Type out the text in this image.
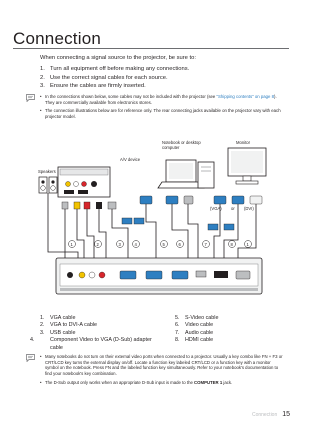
Connection

When connecting a signal source to the projector, be sure to:

1. Turn all equipment off before making any connections.
2. Use the correct signal cables for each source.
3. Ensure the cables are firmly inserted.
• In the connections shown below, some cables may not be included with the projector (see "Shipping contents" on page 8). They are commercially available from electronics stores.
• The connection illustrations below are for reference only. The rear connecting jacks available on the projector vary with each projector model.
A/V device
Notebook or desktop computer
Monitor
Speakers
(VGA) or (DVI)
1	2	3	4	5	6	7	8	1
1. VGA cable
2. VGA to DVI-A cable
3. USB cable
4.	Component Video to VGA (D-Sub) adapter cable
5. S-Video cable
6. Video cable
7. Audio cable
8. HDMI cable
• Many notebooks do not turn on their external video ports when connected to a projector. Usually a key combo like FN + F3 or CRT/LCD key turns the external display on/off. Locate a function key labeled CRT/LCD or a function key with a monitor symbol on the notebook. Press FN and the labeled function key simultaneously. Refer to your notebook's documentation to find your notebook's key combination.
• The D-Sub output only works when an appropriate D-Sub input is made to the COMPUTER 1 jack.
Connection 15
